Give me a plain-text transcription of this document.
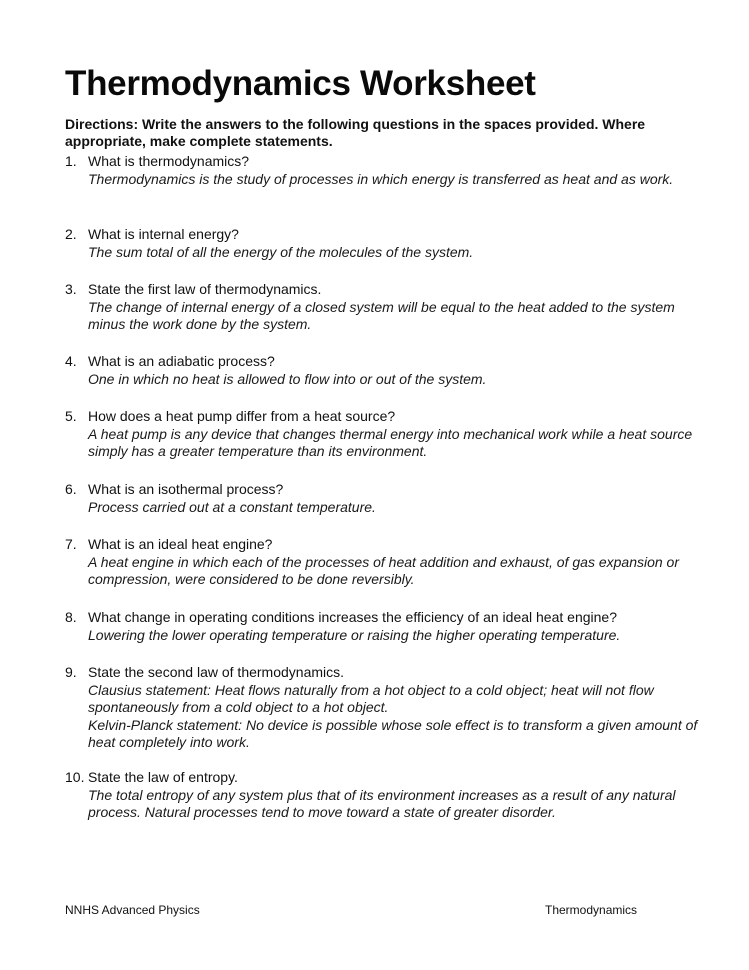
Thermodynamics Worksheet
Directions: Write the answers to the following questions in the spaces provided. Where appropriate, make complete statements.
1. What is thermodynamics?
Thermodynamics is the study of processes in which energy is transferred as heat and as work.
2. What is internal energy?
The sum total of all the energy of the molecules of the system.
3. State the first law of thermodynamics.
The change of internal energy of a closed system will be equal to the heat added to the system minus the work done by the system.
4. What is an adiabatic process?
One in which no heat is allowed to flow into or out of the system.
5. How does a heat pump differ from a heat source?
A heat pump is any device that changes thermal energy into mechanical work while a heat source simply has a greater temperature than its environment.
6. What is an isothermal process?
Process carried out at a constant temperature.
7. What is an ideal heat engine?
A heat engine in which each of the processes of heat addition and exhaust, of gas expansion or compression, were considered to be done reversibly.
8. What change in operating conditions increases the efficiency of an ideal heat engine?
Lowering the lower operating temperature or raising the higher operating temperature.
9. State the second law of thermodynamics.
Clausius statement: Heat flows naturally from a hot object to a cold object; heat will not flow spontaneously from a cold object to a hot object.
Kelvin-Planck statement: No device is possible whose sole effect is to transform a given amount of heat completely into work.
10. State the law of entropy.
The total entropy of any system plus that of its environment increases as a result of any natural process. Natural processes tend to move toward a state of greater disorder.
NNHS Advanced Physics	Thermodynamics
